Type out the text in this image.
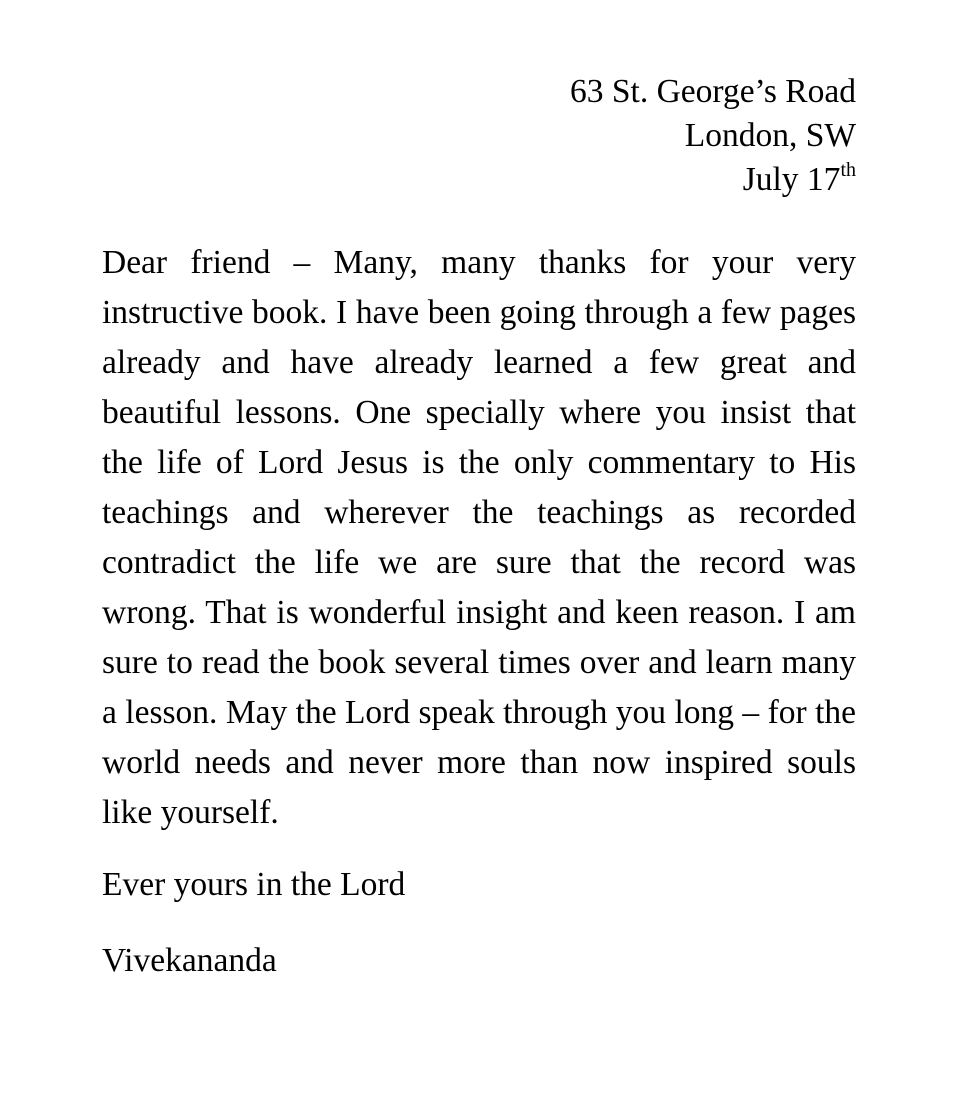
63 St. George’s Road
London, SW
July 17th

Dear friend – Many, many thanks for your very instructive book. I have been going through a few pages already and have already learned a few great and beautiful lessons. One specially where you insist that the life of Lord Jesus is the only commentary to His teachings and wherever the teachings as recorded contradict the life we are sure that the record was wrong. That is wonderful insight and keen reason. I am sure to read the book several times over and learn many a lesson. May the Lord speak through you long – for the world needs and never more than now inspired souls like yourself.

Ever yours in the Lord

Vivekananda
